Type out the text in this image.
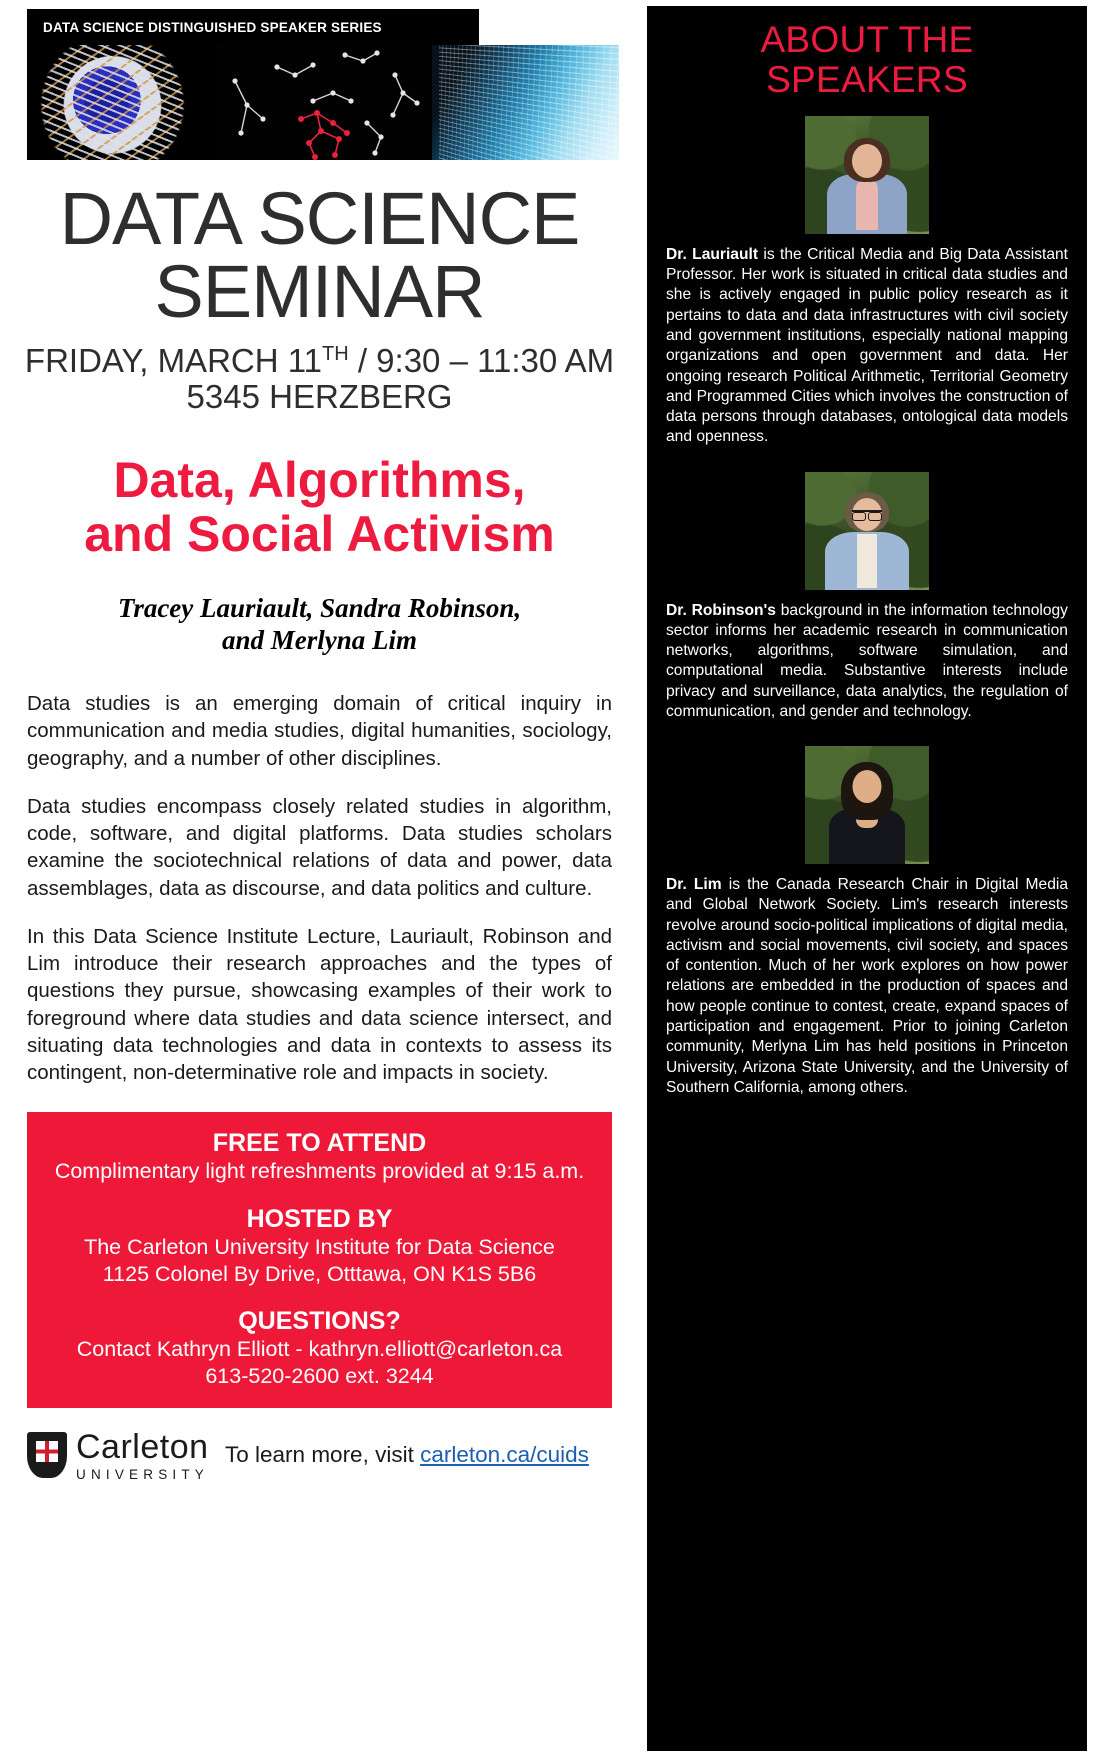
DATA SCIENCE DISTINGUISHED SPEAKER SERIES
DATA SCIENCE
SEMINAR
FRIDAY, MARCH 11TH / 9:30 – 11:30 AM
5345 HERZBERG
Data, Algorithms,
and Social Activism
Tracey Lauriault, Sandra Robinson,
and Merlyna Lim

Data studies is an emerging domain of critical inquiry in communication and media studies, digital humanities, sociology, geography, and a number of other disciplines.

Data studies encompass closely related studies in algorithm, code, software, and digital platforms. Data studies scholars examine the sociotechnical relations of data and power, data assemblages, data as discourse, and data politics and culture.

In this Data Science Institute Lecture, Lauriault, Robinson and Lim introduce their research approaches and the types of questions they pursue, showcasing examples of their work to foreground where data studies and data science intersect, and situating data technologies and data in contexts to assess its contingent, non-determinative role and impacts in society.

FREE TO ATTEND
Complimentary light refreshments provided at 9:15 a.m.
HOSTED BY
The Carleton University Institute for Data Science
1125 Colonel By Drive, Otttawa, ON K1S 5B6
QUESTIONS?
Contact Kathryn Elliott - kathryn.elliott@carleton.ca
613-520-2600 ext. 3244
Carleton
UNIVERSITY
To learn more, visit carleton.ca/cuids
ABOUT THE
SPEAKERS

Dr. Lauriault is the Critical Media and Big Data Assistant Professor. Her work is situated in critical data studies and she is actively engaged in public policy research as it pertains to data and data infrastructures with civil society and government institutions, especially national mapping organizations and open government and data. Her ongoing research Political Arithmetic, Territorial Geometry and Programmed Cities which involves the construction of data persons through databases, ontological data models and openness.

Dr. Robinson's background in the information technology sector informs her academic research in communication networks, algorithms, software simulation, and computational media. Substantive interests include privacy and surveillance, data analytics, the regulation of communication, and gender and technology.

Dr. Lim is the Canada Research Chair in Digital Media and Global Network Society. Lim's research interests revolve around socio-political implications of digital media, activism and social movements, civil society, and spaces of contention. Much of her work explores on how power relations are embedded in the production of spaces and how people continue to contest, create, expand spaces of participation and engagement. Prior to joining Carleton community, Merlyna Lim has held positions in Princeton University, Arizona State University, and the University of Southern California, among others.
